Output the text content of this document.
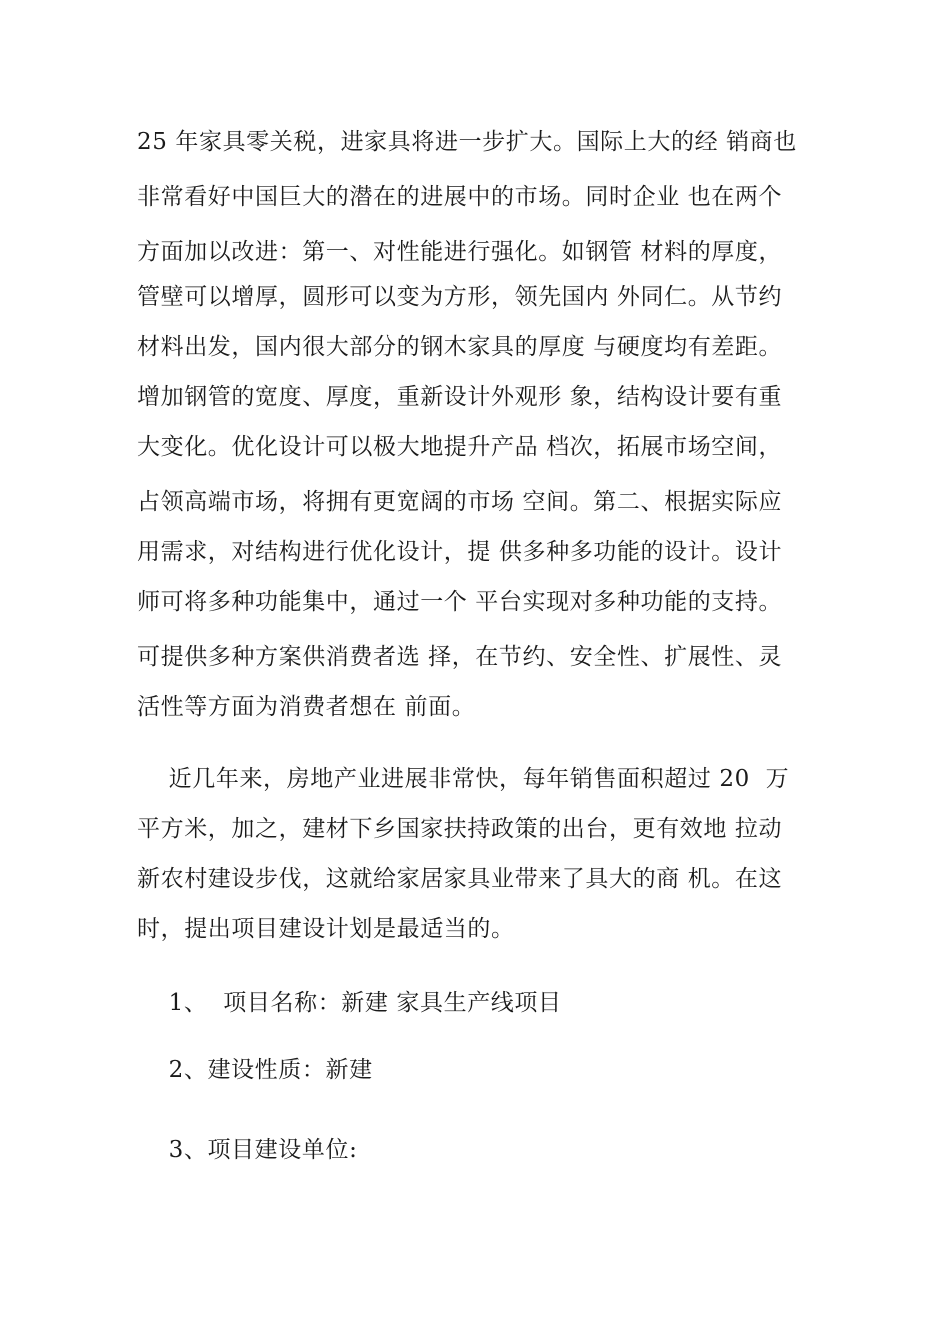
25 年家具零关税，进家具将进一步扩大。国际上大的经 销商也
非常看好中国巨大的潜在的进展中的市场。同时企业 也在两个
方面加以改进：第一、对性能进行强化。如钢管 材料的厚度，
管壁可以增厚，圆形可以变为方形，领先国内 外同仁。从节约
材料出发，国内很大部分的钢木家具的厚度 与硬度均有差距。
增加钢管的宽度、厚度，重新设计外观形 象，结构设计要有重
大变化。优化设计可以极大地提升产品 档次，拓展市场空间，
占领高端市场，将拥有更宽阔的市场 空间。第二、根据实际应
用需求，对结构进行优化设计，提 供多种多功能的设计。设计
师可将多种功能集中，通过一个 平台实现对多种功能的支持。
可提供多种方案供消费者选 择，在节约、安全性、扩展性、灵
活性等方面为消费者想在 前面。
近几年来，房地产业进展非常快，每年销售面积超过 20  万
平方米，加之，建材下乡国家扶持政策的出台，更有效地 拉动
新农村建设步伐，这就给家居家具业带来了具大的商 机。在这
时，提出项目建设计划是最适当的。
1、  项目名称：新建 家具生产线项目
2、建设性质：新建
3、项目建设单位:
